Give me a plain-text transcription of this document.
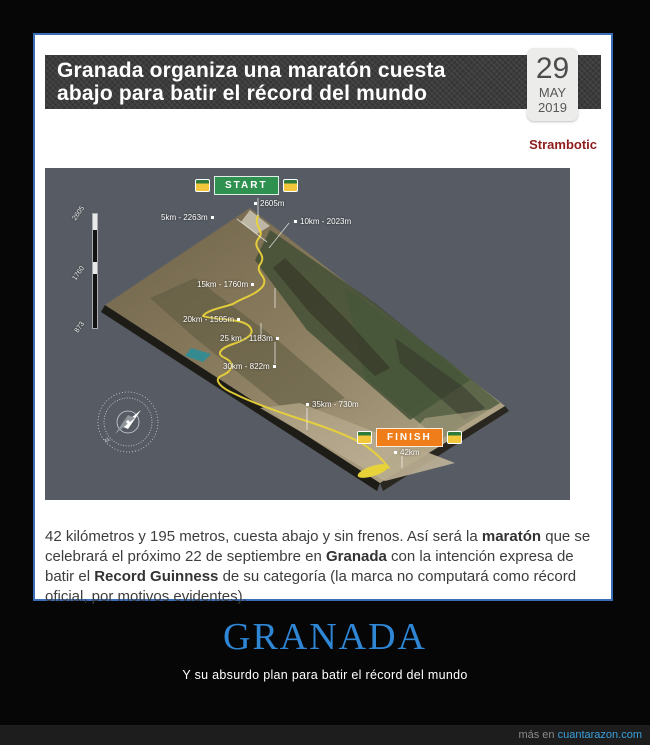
Granada organiza una maratón cuesta
abajo para batir el récord del mundo
29
MAY
2019
Strambotic
N
START
FINISH
2605m
42km
5km - 2263m	10km - 2023m
15km - 1760m
20km - 1505m
25 km - 1183m
30km - 822m
35km - 730m
2605
1760
873

42 kilómetros y 195 metros, cuesta abajo y sin frenos. Así será la maratón que se celebrará el próximo 22 de septiembre en Granada con la intención expresa de batir el Record Guinness de su categoría (la marca no computará como récord oficial, por motivos evidentes).

GRANADA
Y su absurdo plan para batir el récord del mundo
más en cuantarazon.com
